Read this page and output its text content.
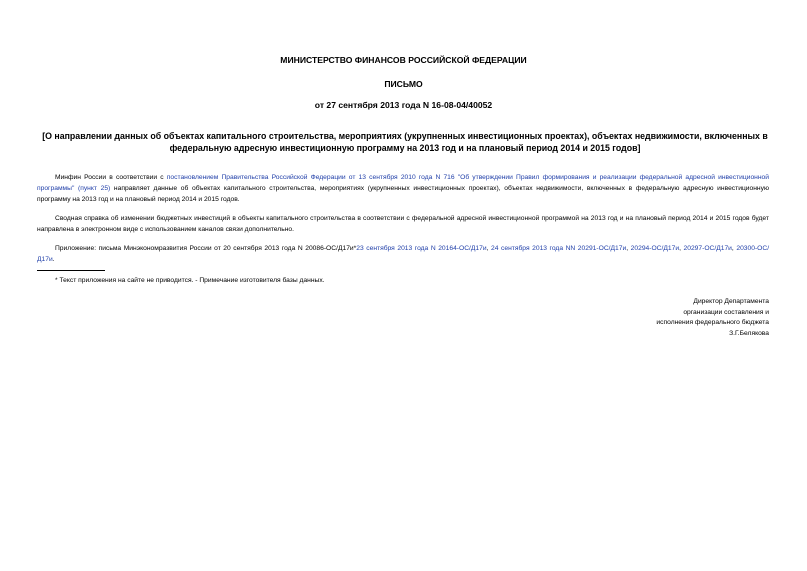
МИНИСТЕРСТВО ФИНАНСОВ РОССИЙСКОЙ ФЕДЕРАЦИИ
ПИСЬМО
от 27 сентября 2013 года N 16-08-04/40052
[О направлении данных об объектах капитального строительства, мероприятиях (укрупненных инвестиционных проектах), объектах недвижимости, включенных в федеральную адресную инвестиционную программу на 2013 год и на плановый период 2014 и 2015 годов]
Минфин России в соответствии с постановлением Правительства Российской Федерации от 13 сентября 2010 года N 716 "Об утверждении Правил формирования и реализации федеральной адресной инвестиционной программы" (пункт 25) направляет данные об объектах капитального строительства, мероприятиях (укрупненных инвестиционных проектах), объектах недвижимости, включенных в федеральную адресную инвестиционную программу на 2013 год и на плановый период 2014 и 2015 годов.
Сводная справка об изменении бюджетных инвестиций в объекты капитального строительства в соответствии с федеральной адресной инвестиционной программой на 2013 год и на плановый период 2014 и 2015 годов будет направлена в электронном виде с использованием каналов связи дополнительно.
Приложение: письма Минэкономразвития России от 20 сентября 2013 года N 20086-ОС/Д17и*23 сентября 2013 года N 20164-ОС/Д17и, 24 сентября 2013 года NN 20291-ОС/Д17и, 20294-ОС/Д17и, 20297-ОС/Д17и, 20300-ОС/Д17и.
* Текст приложения на сайте не приводится. - Примечание изготовителя базы данных.
Директор Департамента
организации составления и
исполнения федерального бюджета
З.Г.Белякова
